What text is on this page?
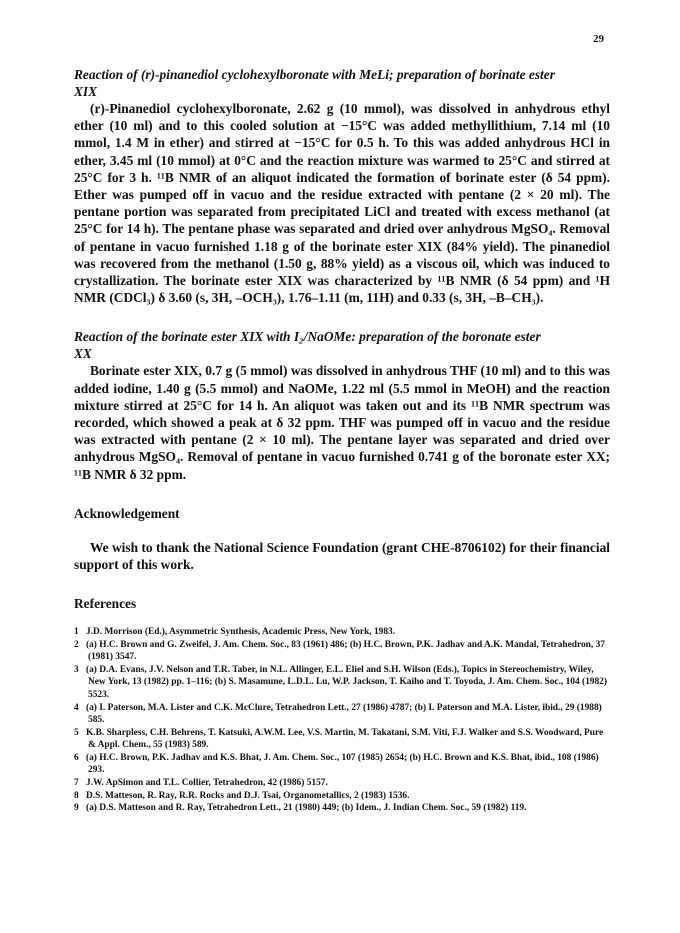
29

Reaction of (r)-pinanediol cyclohexylboronate with MeLi; preparation of borinate ester

XIX

(r)-Pinanediol cyclohexylboronate, 2.62 g (10 mmol), was dissolved in anhydrous ethyl ether (10 ml) and to this cooled solution at −15°C was added methyllithium, 7.14 ml (10 mmol, 1.4 M in ether) and stirred at −15°C for 0.5 h. To this was added anhydrous HCl in ether, 3.45 ml (10 mmol) at 0°C and the reaction mixture was warmed to 25°C and stirred at 25°C for 3 h. ¹¹B NMR of an aliquot indicated the formation of borinate ester (δ 54 ppm). Ether was pumped off in vacuo and the residue extracted with pentane (2 × 20 ml). The pentane portion was separated from precipitated LiCl and treated with excess methanol (at 25°C for 14 h). The pentane phase was separated and dried over anhydrous MgSO₄. Removal of pentane in vacuo furnished 1.18 g of the borinate ester XIX (84% yield). The pinanediol was recovered from the methanol (1.50 g, 88% yield) as a viscous oil, which was induced to crystallization. The borinate ester XIX was characterized by ¹¹B NMR (δ 54 ppm) and ¹H NMR (CDCl₃) δ 3.60 (s, 3H, –OCH₃), 1.76–1.11 (m, 11H) and 0.33 (s, 3H, –B–CH₃).

Reaction of the borinate ester XIX with I₂/NaOMe: preparation of the boronate ester

XX

Borinate ester XIX, 0.7 g (5 mmol) was dissolved in anhydrous THF (10 ml) and to this was added iodine, 1.40 g (5.5 mmol) and NaOMe, 1.22 ml (5.5 mmol in MeOH) and the reaction mixture stirred at 25°C for 14 h. An aliquot was taken out and its ¹¹B NMR spectrum was recorded, which showed a peak at δ 32 ppm. THF was pumped off in vacuo and the residue was extracted with pentane (2 × 10 ml). The pentane layer was separated and dried over anhydrous MgSO₄. Removal of pentane in vacuo furnished 0.741 g of the boronate ester XX; ¹¹B NMR δ 32 ppm.

Acknowledgement

We wish to thank the National Science Foundation (grant CHE-8706102) for their financial support of this work.

References

1 J.D. Morrison (Ed.), Asymmetric Synthesis, Academic Press, New York, 1983.

2 (a) H.C. Brown and G. Zweifel, J. Am. Chem. Soc., 83 (1961) 486; (b) H.C. Brown, P.K. Jadhav and A.K. Mandal, Tetrahedron, 37 (1981) 3547.

3 (a) D.A. Evans, J.V. Nelson and T.R. Taber, in N.L. Allinger, E.L. Eliel and S.H. Wilson (Eds.), Topics in Stereochemistry, Wiley, New York, 13 (1982) pp. 1–116; (b) S. Masamune, L.D.L. Lu, W.P. Jackson, T. Kaiho and T. Toyoda, J. Am. Chem. Soc., 104 (1982) 5523.

4 (a) I. Paterson, M.A. Lister and C.K. McClure, Tetrahedron Lett., 27 (1986) 4787; (b) I. Paterson and M.A. Lister, ibid., 29 (1988) 585.

5 K.B. Sharpless, C.H. Behrens, T. Katsuki, A.W.M. Lee, V.S. Martin, M. Takatani, S.M. Viti, F.J. Walker and S.S. Woodward, Pure & Appl. Chem., 55 (1983) 589.

6 (a) H.C. Brown, P.K. Jadhav and K.S. Bhat, J. Am. Chem. Soc., 107 (1985) 2654; (b) H.C. Brown and K.S. Bhat, ibid., 108 (1986) 293.

7 J.W. ApSimon and T.L. Collier, Tetrahedron, 42 (1986) 5157.

8 D.S. Matteson, R. Ray, R.R. Rocks and D.J. Tsai, Organometallics, 2 (1983) 1536.

9 (a) D.S. Matteson and R. Ray, Tetrahedron Lett., 21 (1980) 449; (b) Idem., J. Indian Chem. Soc., 59 (1982) 119.
